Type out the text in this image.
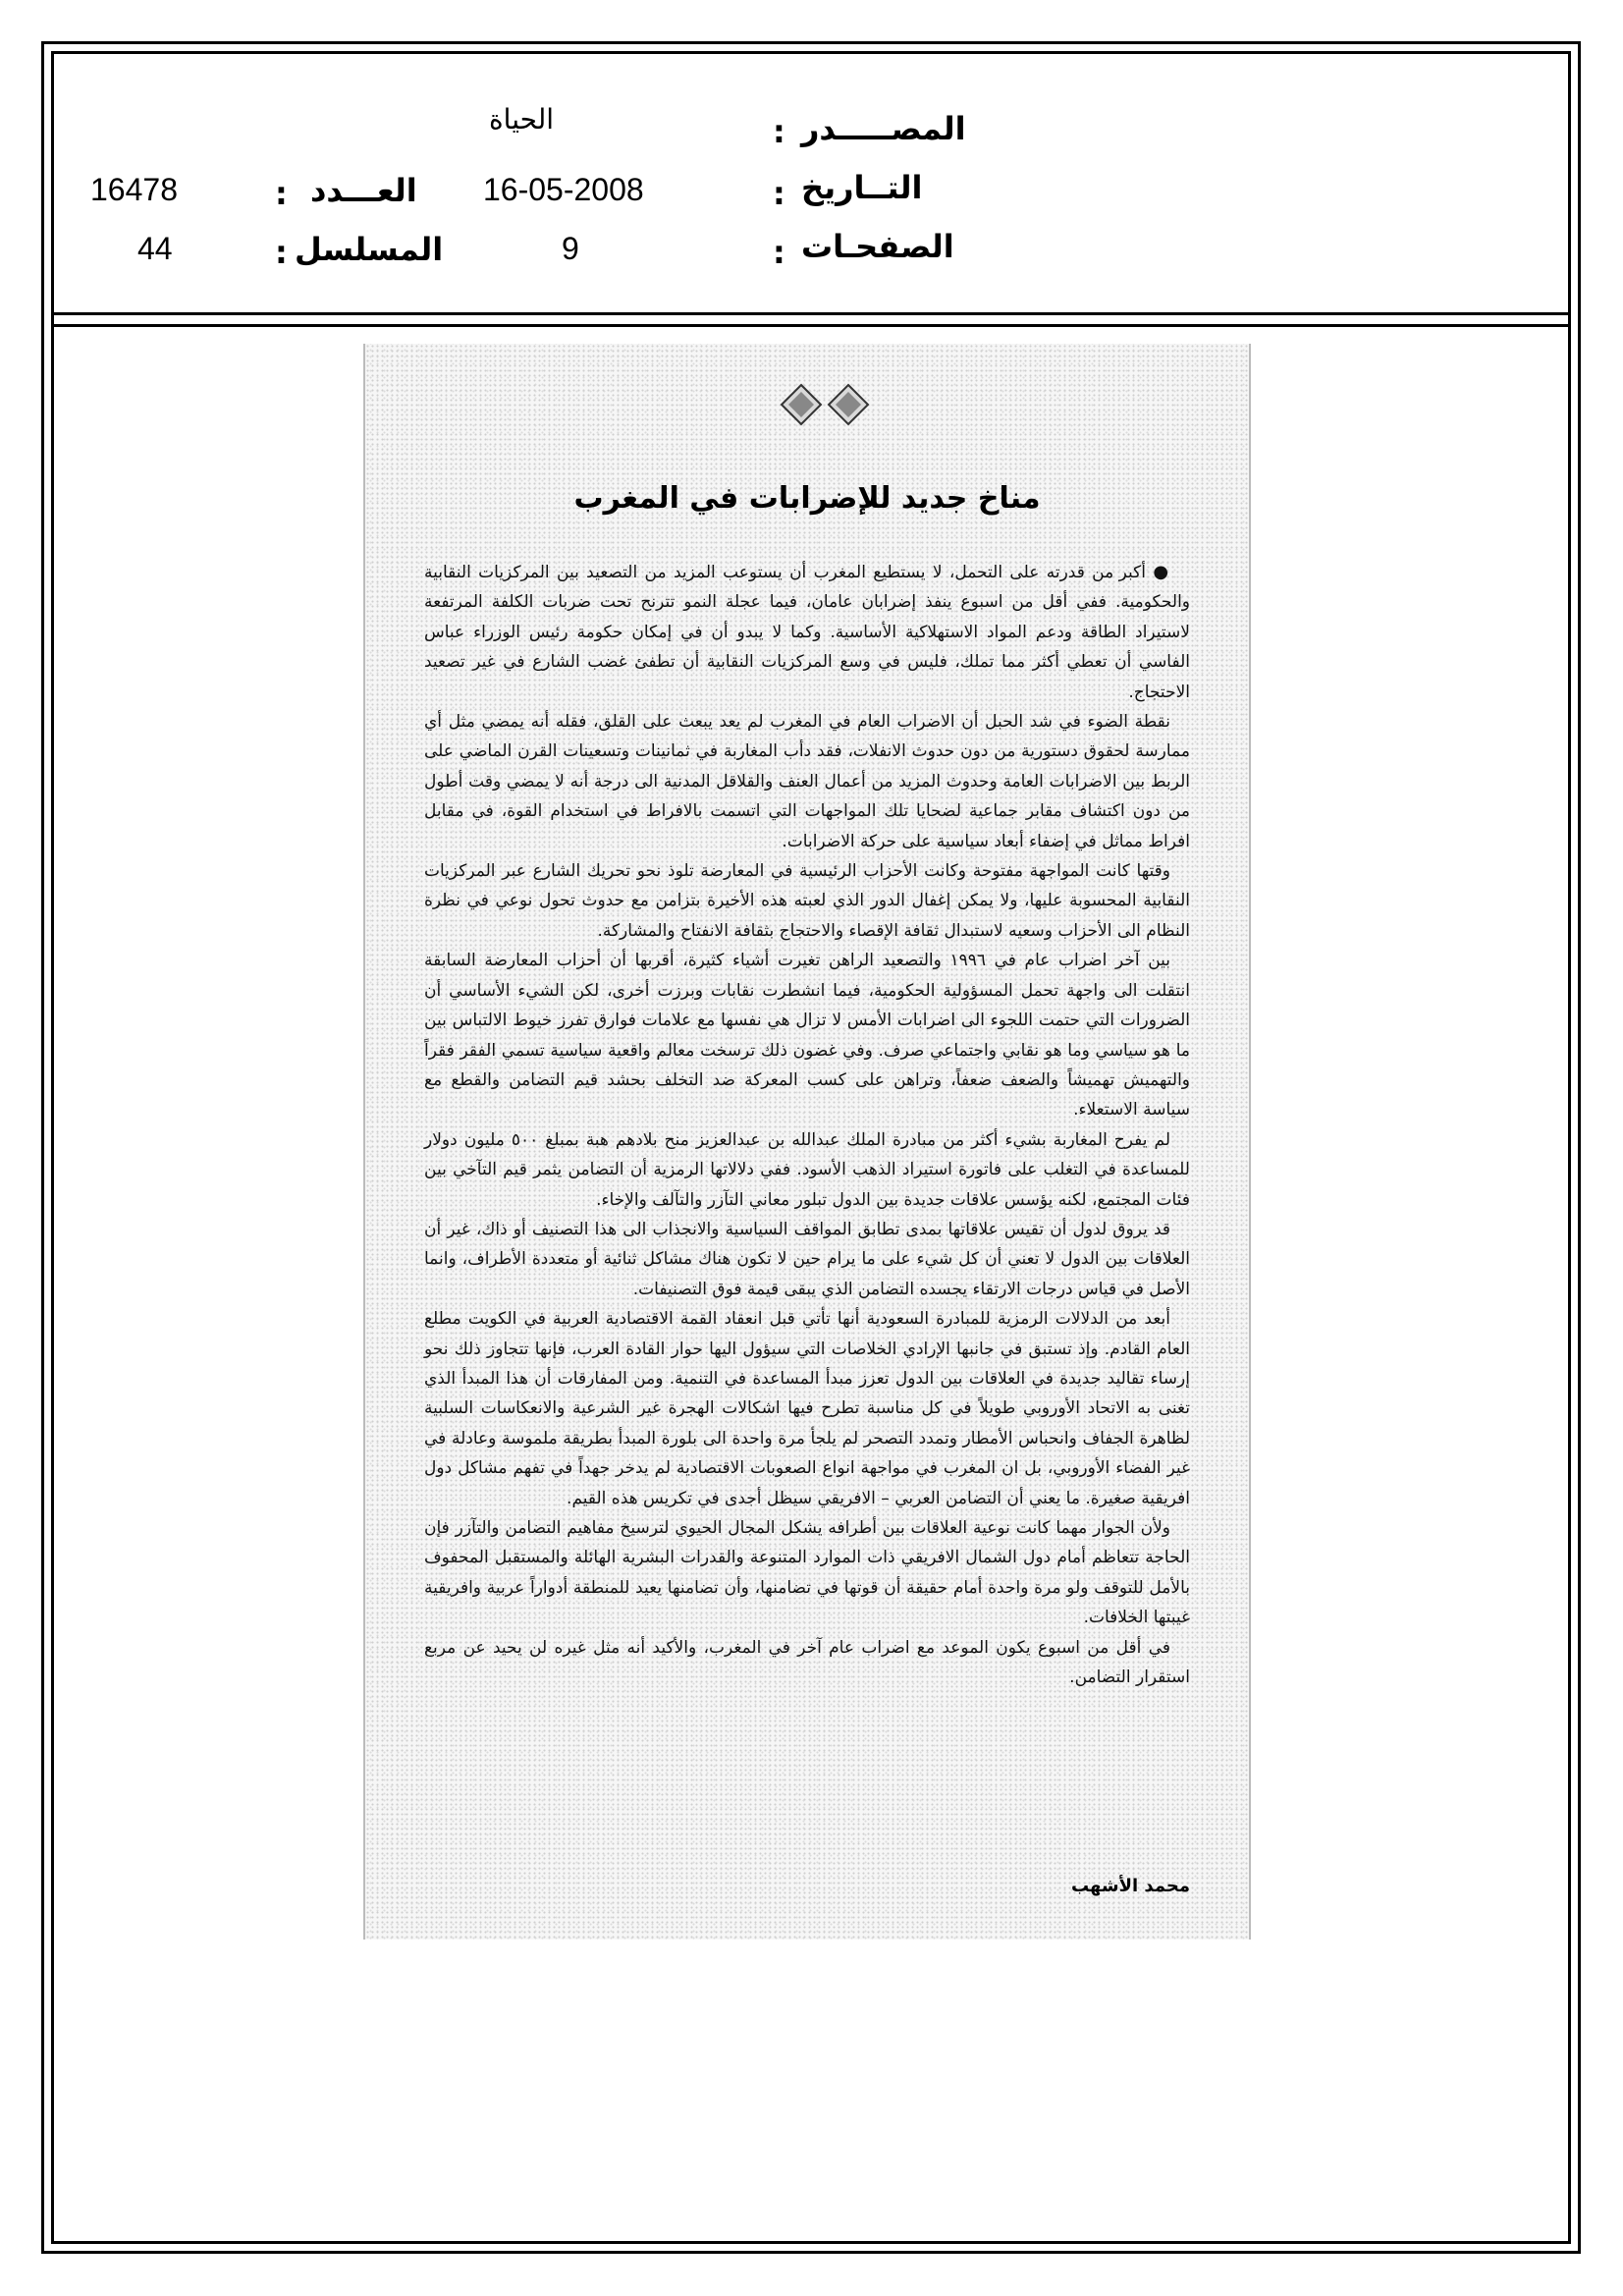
الحياة	: المصـــــدر
16478	: العـــدد 16-05-2008	: التــاريخ
44	: المسلسل	9	: الصفحـات
مناخ جديد للإضرابات في المغرب

● أكبر من قدرته على التحمل، لا يستطيع المغرب أن يستوعب المزيد من التصعيد بين المركزيات النقابية والحكومية. ففي أقل من اسبوع ينفذ إضرابان عامان، فيما عجلة النمو تترنح تحت ضربات الكلفة المرتفعة لاستيراد الطاقة ودعم المواد الاستهلاكية الأساسية. وكما لا يبدو أن في إمكان حكومة رئيس الوزراء عباس الفاسي أن تعطي أكثر مما تملك، فليس في وسع المركزيات النقابية أن تطفئ غضب الشارع في غير تصعيد الاحتجاج.

نقطة الضوء في شد الحبل أن الاضراب العام في المغرب لم يعد يبعث على القلق، فقله أنه يمضي مثل أي ممارسة لحقوق دستورية من دون حدوث الانفلات، فقد دأب المغاربة في ثمانينات وتسعينات القرن الماضي على الربط بين الاضرابات العامة وحدوث المزيد من أعمال العنف والقلاقل المدنية الى درجة أنه لا يمضي وقت أطول من دون اكتشاف مقابر جماعية لضحايا تلك المواجهات التي اتسمت بالافراط في استخدام القوة، في مقابل افراط مماثل في إضفاء أبعاد سياسية على حركة الاضرابات.

وقتها كانت المواجهة مفتوحة وكانت الأحزاب الرئيسية في المعارضة تلوذ نحو تحريك الشارع عبر المركزيات النقابية المحسوبة عليها، ولا يمكن إغفال الدور الذي لعبته هذه الأخيرة بتزامن مع حدوث تحول نوعي في نظرة النظام الى الأحزاب وسعيه لاستبدال ثقافة الإقصاء والاحتجاج بثقافة الانفتاح والمشاركة.

بين آخر اضراب عام في ١٩٩٦ والتصعيد الراهن تغيرت أشياء كثيرة، أقربها أن أحزاب المعارضة السابقة انتقلت الى واجهة تحمل المسؤولية الحكومية، فيما انشطرت نقابات وبرزت أخرى، لكن الشيء الأساسي أن الضرورات التي حتمت اللجوء الى اضرابات الأمس لا تزال هي نفسها مع علامات فوارق تفرز خيوط الالتباس بين ما هو سياسي وما هو نقابي واجتماعي صرف. وفي غضون ذلك ترسخت معالم واقعية سياسية تسمي الفقر فقراً والتهميش تهميشاً والضعف ضعفاً، وتراهن على كسب المعركة ضد التخلف بحشد قيم التضامن والقطع مع سياسة الاستعلاء.

لم يفرح المغاربة بشيء أكثر من مبادرة الملك عبدالله بن عبدالعزيز منح بلادهم هبة بمبلغ ٥٠٠ مليون دولار للمساعدة في التغلب على فاتورة استيراد الذهب الأسود. ففي دلالاتها الرمزية أن التضامن يثمر قيم التآخي بين فئات المجتمع، لكنه يؤسس علاقات جديدة بين الدول تبلور معاني التآزر والتآلف والإخاء.

قد يروق لدول أن تقيس علاقاتها بمدى تطابق المواقف السياسية والانجذاب الى هذا التصنيف أو ذاك، غير أن العلاقات بين الدول لا تعني أن كل شيء على ما يرام حين لا تكون هناك مشاكل ثنائية أو متعددة الأطراف، وانما الأصل في قياس درجات الارتقاء يجسده التضامن الذي يبقى قيمة فوق التصنيفات.

أبعد من الدلالات الرمزية للمبادرة السعودية أنها تأتي قبل انعقاد القمة الاقتصادية العربية في الكويت مطلع العام القادم. وإذ تستبق في جانبها الإرادي الخلاصات التي سيؤول اليها حوار القادة العرب، فإنها تتجاوز ذلك نحو إرساء تقاليد جديدة في العلاقات بين الدول تعزز مبدأ المساعدة في التنمية. ومن المفارقات أن هذا المبدأ الذي تغنى به الاتحاد الأوروبي طويلاً في كل مناسبة تطرح فيها اشكالات الهجرة غير الشرعية والانعكاسات السلبية لظاهرة الجفاف وانحباس الأمطار وتمدد التصحر لم يلجأ مرة واحدة الى بلورة المبدأ بطريقة ملموسة وعادلة في غير الفضاء الأوروبي، بل ان المغرب في مواجهة انواع الصعوبات الاقتصادية لم يدخر جهداً في تفهم مشاكل دول افريقية صغيرة. ما يعني أن التضامن العربي – الافريقي سيظل أجدى في تكريس هذه القيم.

ولأن الجوار مهما كانت نوعية العلاقات بين أطرافه يشكل المجال الحيوي لترسيخ مفاهيم التضامن والتآزر فإن الحاجة تتعاظم أمام دول الشمال الافريقي ذات الموارد المتنوعة والقدرات البشرية الهائلة والمستقبل المحفوف بالأمل للتوقف ولو مرة واحدة أمام حقيقة أن قوتها في تضامنها، وأن تضامنها يعيد للمنطقة أدواراً عربية وافريقية غيبتها الخلافات.

في أقل من اسبوع يكون الموعد مع اضراب عام آخر في المغرب، والأكيد أنه مثل غيره لن يحيد عن مربع استقرار التضامن.

محمد الأشهب
